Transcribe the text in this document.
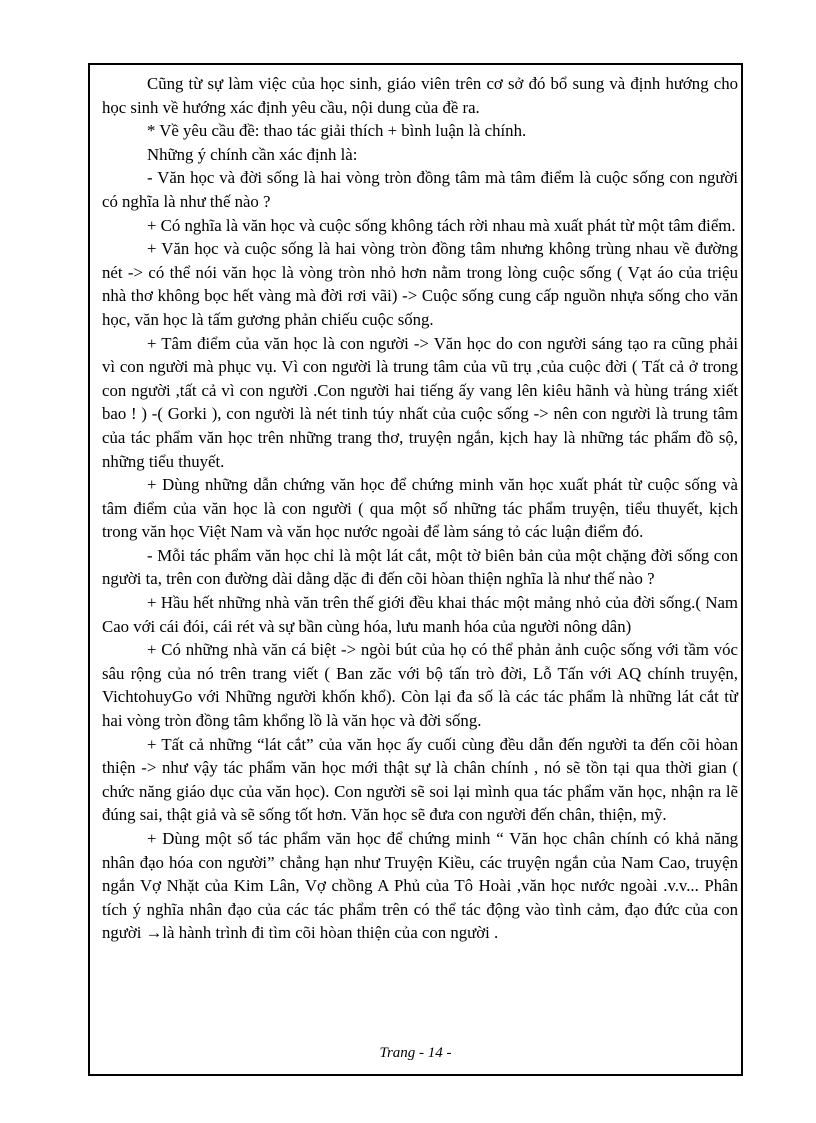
Cũng từ sự làm việc của học sinh, giáo viên trên cơ sở đó bổ sung và định hướng cho học sinh về hướng xác định yêu cầu, nội dung của đề ra.

* Về yêu cầu đề: thao tác giải thích + bình luận là chính.

Những ý chính cần xác định là:

- Văn học và đời sống là hai vòng tròn đồng tâm mà tâm điểm là cuộc sống con người có nghĩa là như thế nào ?

+ Có nghĩa là văn học và cuộc sống không tách rời nhau mà xuất phát từ một tâm điểm.

+ Văn học và cuộc sống là hai vòng tròn đồng tâm nhưng không trùng nhau về đường nét -> có thể nói văn học là vòng tròn nhỏ hơn nằm trong lòng cuộc sống ( Vạt áo của triệu nhà thơ không bọc hết vàng mà đời rơi vãi) -> Cuộc sống cung cấp nguồn nhựa sống cho văn học, văn học là tấm gương phản chiếu cuộc sống.

+ Tâm điểm của văn học là con người -> Văn học do con người sáng tạo ra cũng phải vì con người mà phục vụ. Vì con người là trung tâm của vũ trụ ,của cuộc đời ( Tất cả ở trong con người ,tất cả vì con người .Con người hai tiếng ấy vang lên kiêu hãnh và hùng tráng xiết bao ! ) -( Gorki ), con người là nét tinh túy nhất của cuộc sống -> nên con người là trung tâm của tác phẩm văn học trên những trang thơ, truyện ngắn, kịch hay là những tác phẩm đồ sộ, những tiểu thuyết.

+ Dùng những dẫn chứng văn học để chứng minh văn học xuất phát từ cuộc sống và tâm điểm của văn học là con người ( qua một số những tác phẩm truyện, tiểu thuyết, kịch trong văn học Việt Nam và văn học nước ngoài để làm sáng tỏ các luận điểm đó.

- Mỗi tác phẩm văn học chỉ là một lát cắt, một tờ biên bản của một chặng đời sống con người ta, trên con đường dài dằng dặc đi đến cõi hòan thiện nghĩa là như thế nào ?

+ Hầu hết những nhà văn trên thế giới đều khai thác một mảng nhỏ của đời sống.( Nam Cao với cái đói, cái rét và sự bần cùng hóa, lưu manh hóa của người nông dân)

+ Có những nhà văn cá biệt -> ngòi bút của họ có thể phản ảnh cuộc sống với tầm vóc sâu rộng của nó trên trang viết ( Ban zăc với bộ tấn trò đời, Lỗ Tấn với AQ chính truyện, VichtohuyGo với Những người khốn khổ). Còn lại đa số là các tác phẩm là những lát cắt từ hai vòng tròn đồng tâm khổng lồ là văn học và đời sống.

+ Tất cả những “lát cắt” của văn học ấy cuối cùng đều dẫn đến người ta đến cõi hòan thiện -> như vậy tác phẩm văn học mới thật sự là chân chính , nó sẽ tồn tại qua thời gian ( chức năng giáo dục của văn học). Con người sẽ soi lại mình qua tác phẩm văn học, nhận ra lẽ đúng sai, thật giả và sẽ sống tốt hơn. Văn học sẽ đưa con người đến chân, thiện, mỹ.

+ Dùng một số tác phẩm văn học để chứng minh “ Văn học chân chính có khả năng nhân đạo hóa con người” chẳng hạn như Truyện Kiều, các truyện ngắn của Nam Cao, truyện ngắn Vợ Nhặt của Kim Lân, Vợ chồng A Phủ của Tô Hoài ,văn học nước ngoài .v.v... Phân tích ý nghĩa nhân đạo của các tác phẩm trên có thể tác động vào tình cảm, đạo đức của con người →là hành trình đi tìm cõi hòan thiện của con người .

Trang - 14 -
